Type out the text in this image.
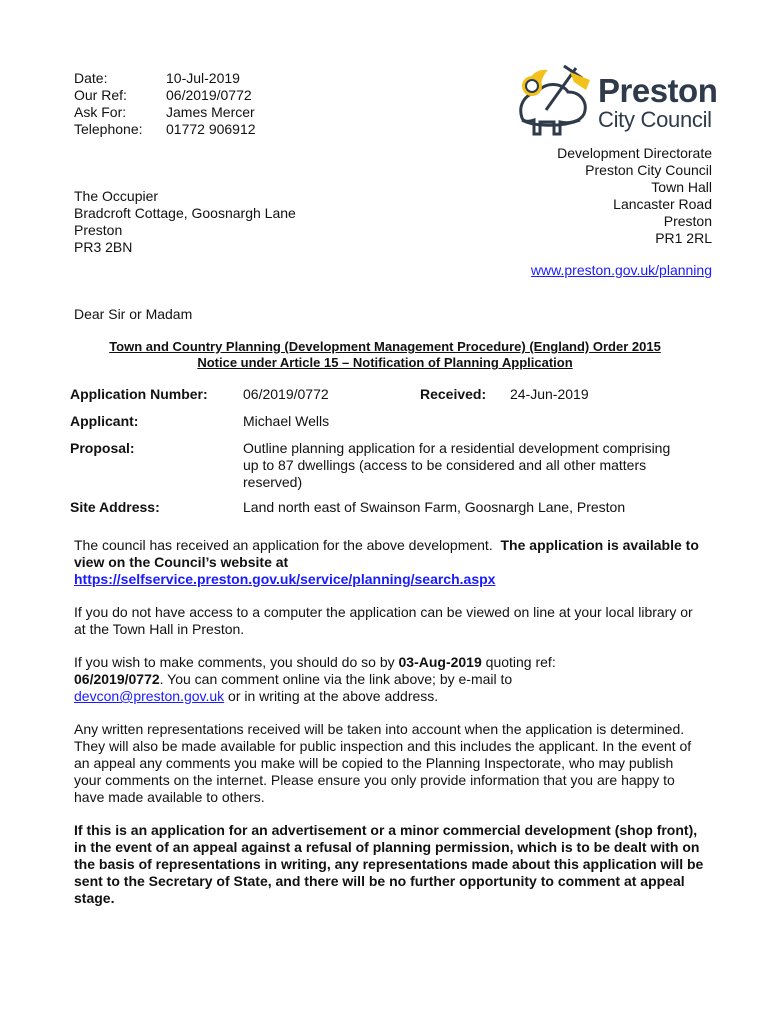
Date:	10-Jul-2019
Our Ref:	06/2019/0772
Ask For:	James Mercer
Telephone:	01772 906912
Preston
City Council
Development Directorate
Preston City Council
Town Hall
Lancaster Road
Preston
PR1 2RL
www.preston.gov.uk/planning
The Occupier
Bradcroft Cottage, Goosnargh Lane
Preston
PR3 2BN
Dear Sir or Madam
Town and Country Planning (Development Management Procedure) (England) Order 2015
Notice under Article 15 – Notification of Planning Application
Application Number:	06/2019/0772	Received:	24-Jun-2019
Applicant:	Michael Wells
Proposal:	Outline planning application for a residential development comprising up to 87 dwellings (access to be considered and all other matters reserved)
Site Address:	Land north east of Swainson Farm, Goosnargh Lane, Preston

The council has received an application for the above development. The application is available to view on the Council’s website at
https://selfservice.preston.gov.uk/service/planning/search.aspx

If you do not have access to a computer the application can be viewed on line at your local library or at the Town Hall in Preston.

If you wish to make comments, you should do so by 03-Aug-2019 quoting ref:
06/2019/0772. You can comment online via the link above; by e-mail to
devcon@preston.gov.uk or in writing at the above address.

Any written representations received will be taken into account when the application is determined. They will also be made available for public inspection and this includes the applicant. In the event of an appeal any comments you make will be copied to the Planning Inspectorate, who may publish your comments on the internet. Please ensure you only provide information that you are happy to have made available to others.

If this is an application for an advertisement or a minor commercial development (shop front), in the event of an appeal against a refusal of planning permission, which is to be dealt with on the basis of representations in writing, any representations made about this application will be sent to the Secretary of State, and there will be no further opportunity to comment at appeal stage.
